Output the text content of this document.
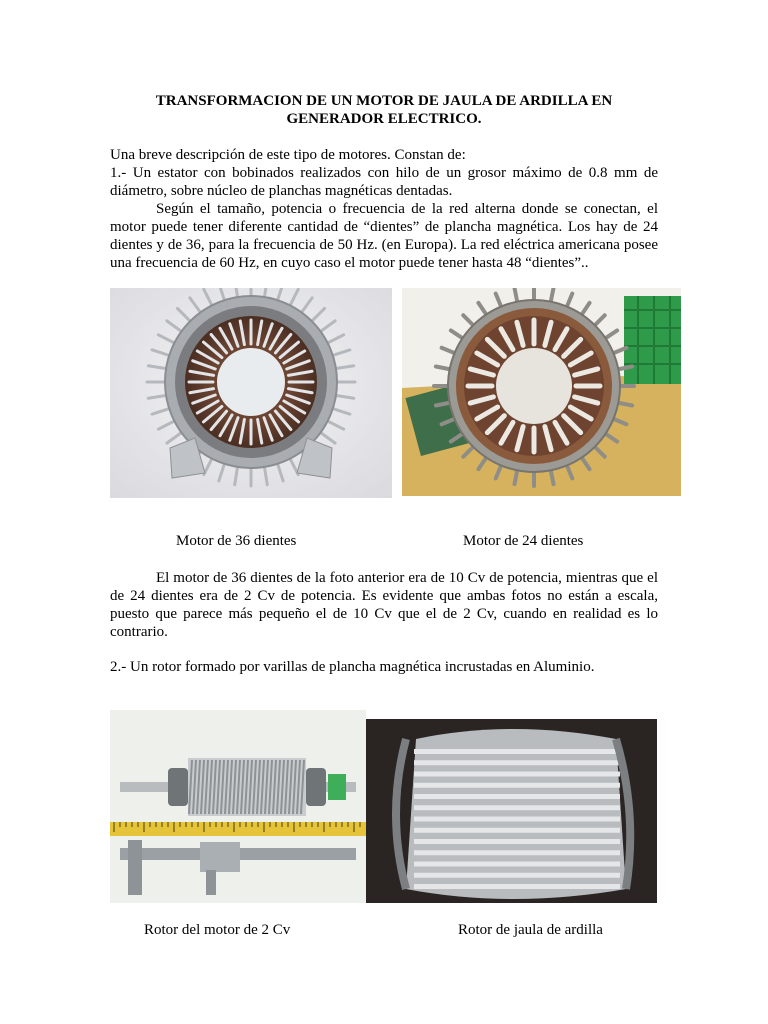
TRANSFORMACION DE UN MOTOR DE JAULA DE ARDILLA EN
GENERADOR ELECTRICO.
Una breve descripción de este tipo de motores. Constan de:
1.- Un estator con bobinados realizados con hilo de un grosor máximo de 0.8 mm de diámetro, sobre núcleo de planchas magnéticas dentadas.
Según el tamaño, potencia o frecuencia de la red alterna donde se conectan, el motor puede tener diferente cantidad de “dientes” de plancha magnética. Los hay de 24 dientes y de 36, para la frecuencia de 50 Hz. (en Europa). La red eléctrica americana posee una frecuencia de 60 Hz, en cuyo caso el motor puede tener hasta 48 “dientes”..
Motor de 36 dientes	Motor de 24 dientes
El motor de 36 dientes de la foto anterior era de 10 Cv de potencia, mientras que el de 24 dientes era de 2 Cv de potencia. Es evidente que ambas fotos no están a escala, puesto que parece más pequeño el de 10 Cv que el de 2 Cv, cuando en realidad es lo contrario.
2.- Un rotor formado por varillas de plancha magnética incrustadas en Aluminio.
Rotor del motor de 2 Cv	Rotor de jaula de ardilla
